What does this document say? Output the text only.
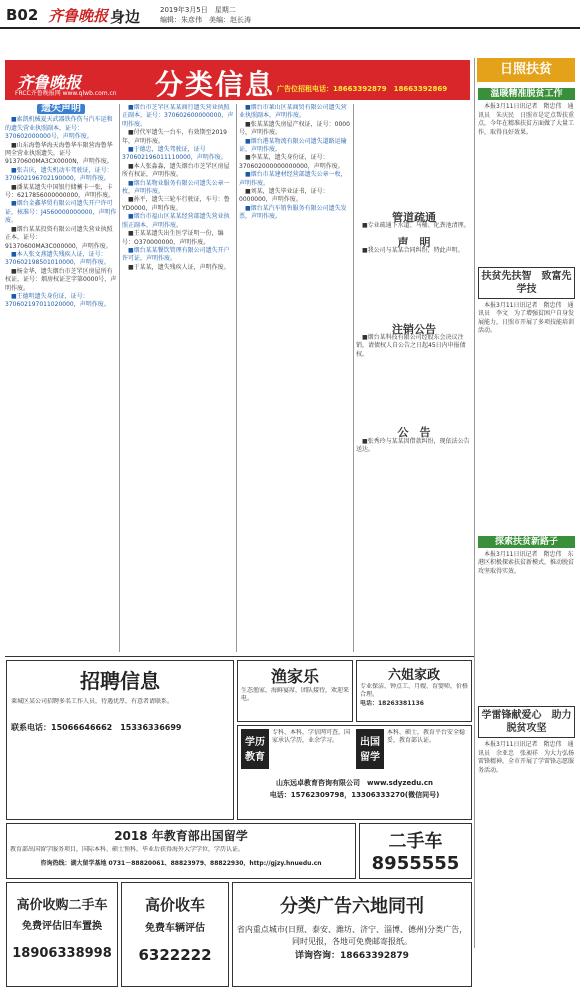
B02 齐鲁晚报 身边	2019年3月5日　星期二
编辑：朱彦伟　美编：赵长涛
齐鲁晚报
FRCC齐鲁晚报网 www.qlwb.com.cn 分类信息 广告位招租电话：18663392879　 18663392869
遗失声明

■索凯机械夏天武器铁作伤与汽车运和的遗失营业执照副本，证号：370602000000号，声明作废。

■山东海鲁华海天海鲁华车限营海鲁华网全营业执照遗失，证号91370600MA3CX0000N，声明作废。

■张吉庆，遗失机动车驾驶证，证号：370602196702190000，声明作废。

■潘某某遗失中国银行储蓄卡一张，卡号：6217856000000000，声明作废。

■烟台金鑫华贸有限公司遗失开户许可证，核准号：J4560000000000，声明作废。

■烟台某某投资有限公司遗失营业执照正本，证号：91370600MA3C000000，声明作废。

■本人张文燕遗失残疾人证，证号：370602198501010000，声明作废。

■杨金华，遗失烟台市芝罘区房屋所有权证，证号：烟房权证芝字第0000号，声明作废。

■王德明遗失身份证，证号：370602197011020000，声明作废。

■烟台市芝罘区某某商行遗失营业执照正副本，证号：370602600000000，声明作废。

■付代军遗失一台车，有效期至2019年，声明作废。

■于德忠，遗失驾驶证，证号370602196011110000，声明作废。

■本人张淼淼，遗失烟台市芝罘区房屋所有权证，声明作废。

■烟台某物业服务有限公司遗失公章一枚，声明作废。

■孙平，遗失三轮车行驶证，车号：鲁YD0000，声明作废。

■烟台市福山区某某经营部遗失营业执照正副本，声明作废。

■王某某遗失出生医学证明一份，编号：O370000000，声明作废。

■烟台某某餐饮管理有限公司遗失开户许可证，声明作废。

■于某某，遗失残疾人证，声明作废。

■烟台市莱山区某商贸有限公司遗失营业执照副本，声明作废。

■张某某遗失房屋产权证，证号：0000号，声明作废。

■烟台港某物流有限公司遗失道路运输证，声明作废。

■李某某，遗失身份证，证号：370602000000000000，声明作废。

■烟台市某建材经营部遗失公章一枚，声明作废。

■刘某，遗失毕业证书，证号：0000000，声明作废。

■烟台某汽车销售服务有限公司遗失发票，声明作废。	管道疏通

■专业疏通下水道、马桶、化粪池清理。

声　明

■我公司与某某合同纠纷，特此声明。

注销公告

■烟台某科技有限公司经股东会决议注销，请债权人自公告之日起45日内申报债权。

公　告

■张秀玲与某某因借款纠纷，现依法公告送达。

日照扶贫
温暖精准脱贫工作

本报3月11日讯记者　隋忠伟　通讯员　朱庆民　日照市是定点帮扶重点，今年在精准扶贫方面做了大量工作，取得良好效果。

扶贫先扶智　致富先学技

本报3月11日讯记者　隋忠伟　通讯员　李文　为了增强贫困户自身发展能力，日照市开展了多项技能培训活动。

探索扶贫新路子

本报3月11日讯记者　隋忠伟　东港区积极探索扶贫新模式，推动脱贫攻坚取得实效。

学雷锋献爱心　助力脱贫攻坚

本报3月11日讯记者　隋忠伟　通讯员　余亚忠　张昶祥　为大力弘扬雷锋精神，全市开展了学雷锋志愿服务活动。

招聘信息
莱城区某公司招聘多名工作人员，待遇优厚，有意者请联系。
联系电话：15066646662　15336336699
渔家乐
生态渔家，海鲜宴席，团队接待，欢迎来电。
六姐家政
专业保洁、钟点工、月嫂、育婴师，价格合理。
电话：18263381136
学历教育
专科、本科，学信网可查，国家承认学历，业余学习。	出国留学
本科、硕士，教育平台安全稳妥，教育部认证。
山东远卓教育咨询有限公司　www.sdyzedu.cn
电话：15762309798，13306333270(微信同号)
2018 年教育部出国留学
教育部出国留学服务项目，国际本科、硕士预科，毕业后获得海外大学学位，学历认证。
咨询热线：湖大留学基地 0731－88820061、88823979、88822930，http://gjzy.hnuedu.cn
二手车
8955555
高价收购二手车
免费评估旧车置换
18906338998
高价收车
免费车辆评估
6322222
分类广告六地同刊
省内重点城市(日照、泰安、潍坊、济宁、淄博、德州)分类广告，同时见报，各地可免费邮寄报纸。
详询咨询：18663392879
